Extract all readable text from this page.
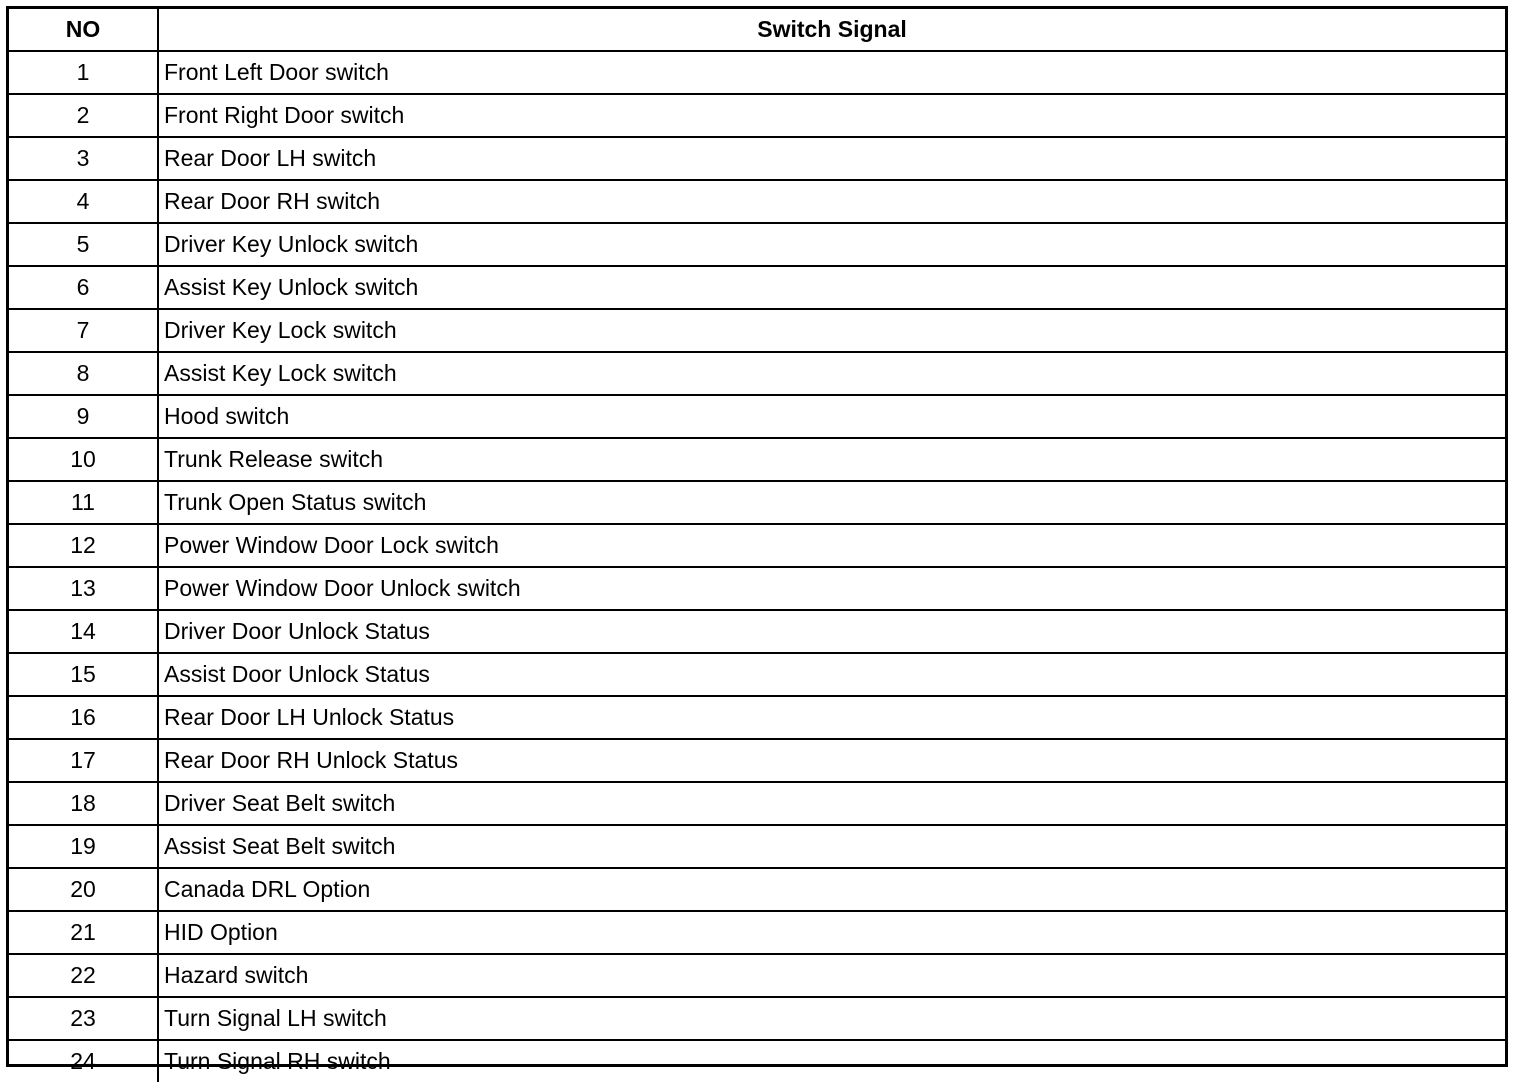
NO	Switch Signal
1	Front Left Door switch
2	Front Right Door switch
3	Rear Door LH switch
4	Rear Door RH switch
5	Driver Key Unlock switch
6	Assist Key Unlock switch
7	Driver Key Lock switch
8	Assist Key Lock switch
9	Hood switch
10	Trunk Release switch
11	Trunk Open Status switch
12	Power Window Door Lock switch
13	Power Window Door Unlock switch
14	Driver Door Unlock Status
15	Assist Door Unlock Status
16	Rear Door LH Unlock Status
17	Rear Door RH Unlock Status
18	Driver Seat Belt switch
19	Assist Seat Belt switch
20	Canada DRL Option
21	HID Option
22	Hazard switch
23	Turn Signal LH switch
24	Turn Signal RH switch
